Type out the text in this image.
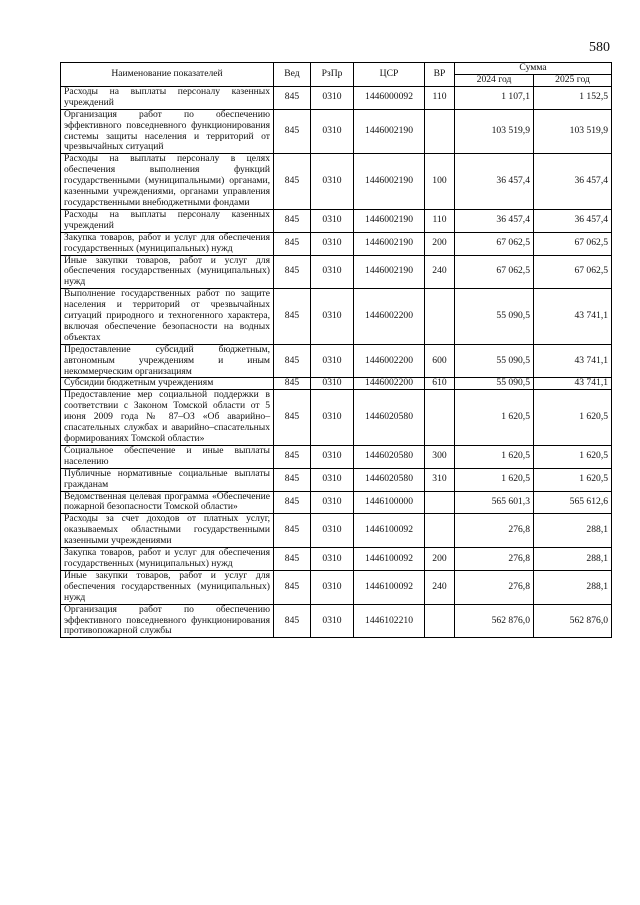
580
Наименование показателей	Вед	РзПр	ЦСР	ВР	Сумма	
					2024 год	2025 год
Расходы на выплаты персоналу казенных учреждений	845	0310	1446000092	110	1 107,1	1 152,5
Организация работ по обеспечению эффективного повседневного функционирования системы защиты населения и территорий от чрезвычайных ситуаций	845	0310	1446002190		103 519,9	103 519,9
Расходы на выплаты персоналу в целях обеспечения выполнения функций государственными (муниципальными) органами, казенными учреждениями, органами управления государственными внебюджетными фондами	845	0310	1446002190	100	36 457,4	36 457,4
Расходы на выплаты персоналу казенных учреждений	845	0310	1446002190	110	36 457,4	36 457,4
Закупка товаров, работ и услуг для обеспечения государственных (муниципальных) нужд	845	0310	1446002190	200	67 062,5	67 062,5
Иные закупки товаров, работ и услуг для обеспечения государственных (муниципальных) нужд	845	0310	1446002190	240	67 062,5	67 062,5
Выполнение государственных работ по защите населения и территорий от чрезвычайных ситуаций природного и техногенного характера, включая обеспечение безопасности на водных объектах	845	0310	1446002200		55 090,5	43 741,1
Предоставление субсидий бюджетным, автономным учреждениям и иным некоммерческим организациям	845	0310	1446002200	600	55 090,5	43 741,1
Субсидии бюджетным учреждениям	845	0310	1446002200	610	55 090,5	43 741,1
Предоставление мер социальной поддержки в соответствии с Законом Томской области от 5 июня 2009 года № 87–ОЗ «Об аварийно–спасательных службах и аварийно–спасательных формированиях Томской области»	845	0310	1446020580		1 620,5	1 620,5
Социальное обеспечение и иные выплаты населению	845	0310	1446020580	300	1 620,5	1 620,5
Публичные нормативные социальные выплаты гражданам	845	0310	1446020580	310	1 620,5	1 620,5
Ведомственная целевая программа «Обеспечение пожарной безопасности Томской области»	845	0310	1446100000		565 601,3	565 612,6
Расходы за счет доходов от платных услуг, оказываемых областными государственными казенными учреждениями	845	0310	1446100092		276,8	288,1
Закупка товаров, работ и услуг для обеспечения государственных (муниципальных) нужд	845	0310	1446100092	200	276,8	288,1
Иные закупки товаров, работ и услуг для обеспечения государственных (муниципальных) нужд	845	0310	1446100092	240	276,8	288,1
Организация работ по обеспечению эффективного повседневного функционирования противопожарной службы	845	0310	1446102210		562 876,0	562 876,0
